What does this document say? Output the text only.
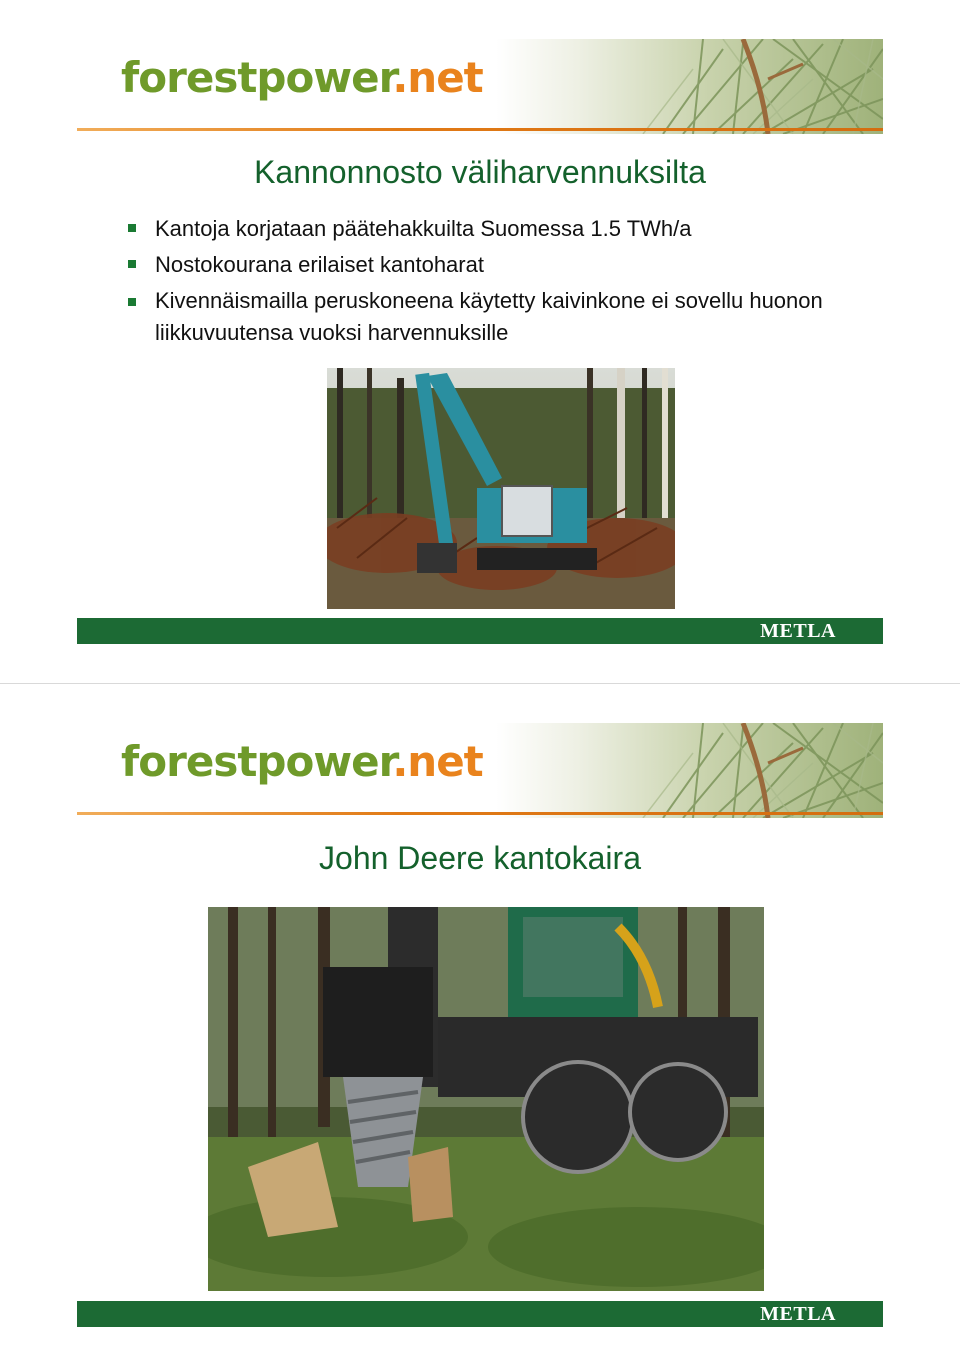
forestpower.net
Kannonnosto väliharvennuksilta
Kantoja korjataan päätehakkuilta Suomessa 1.5 TWh/a
Nostokourana erilaiset kantoharat
Kivennäismailla peruskoneena käytetty kaivinkone ei sovellu huonon liikkuvuutensa vuoksi harvennuksille
METLA
forestpower.net
John Deere kantokaira
METLA
